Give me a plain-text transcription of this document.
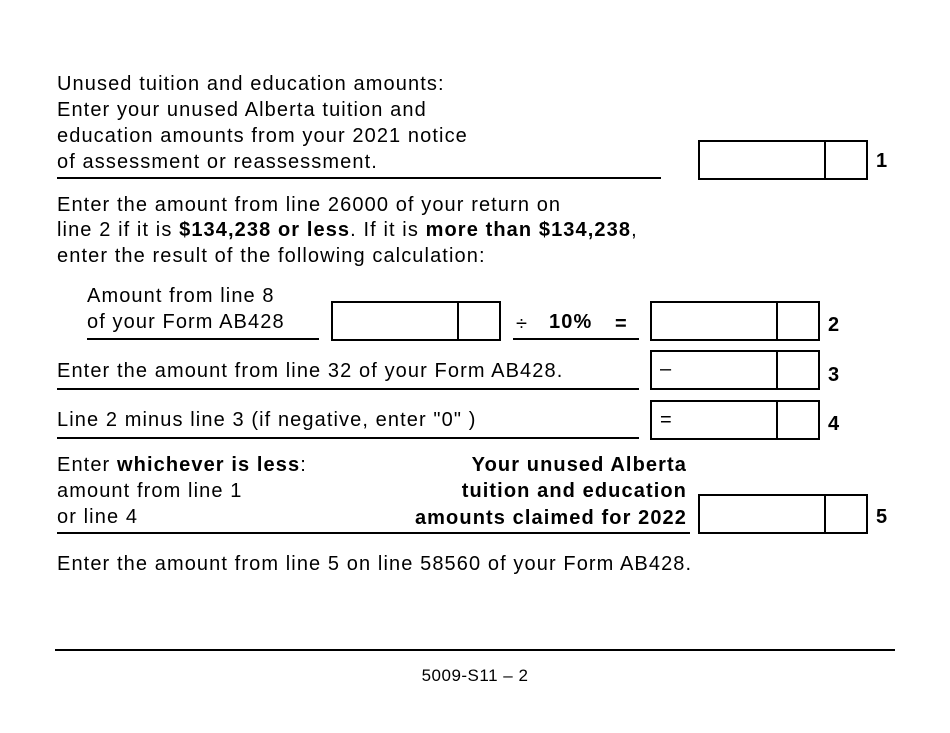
Unused tuition and education amounts:
Enter your unused Alberta tuition and
education amounts from your 2021 notice
of assessment or reassessment.	1
Enter the amount from line 26000 of your return on
line 2 if it is $134,238 or less. If it is more than $134,238,
enter the result of the following calculation:
Amount from line 8
of your Form AB428	÷ 10% =	2
Enter the amount from line 32 of your Form AB428.	–	3
Line 2 minus line 3 (if negative, enter "0" )	=	4
Enter whichever is less:
amount from line 1
or line 4
Your unused Alberta
tuition and education
amounts claimed for 2022	5
Enter the amount from line 5 on line 58560 of your Form AB428.
5009-S11 – 2
